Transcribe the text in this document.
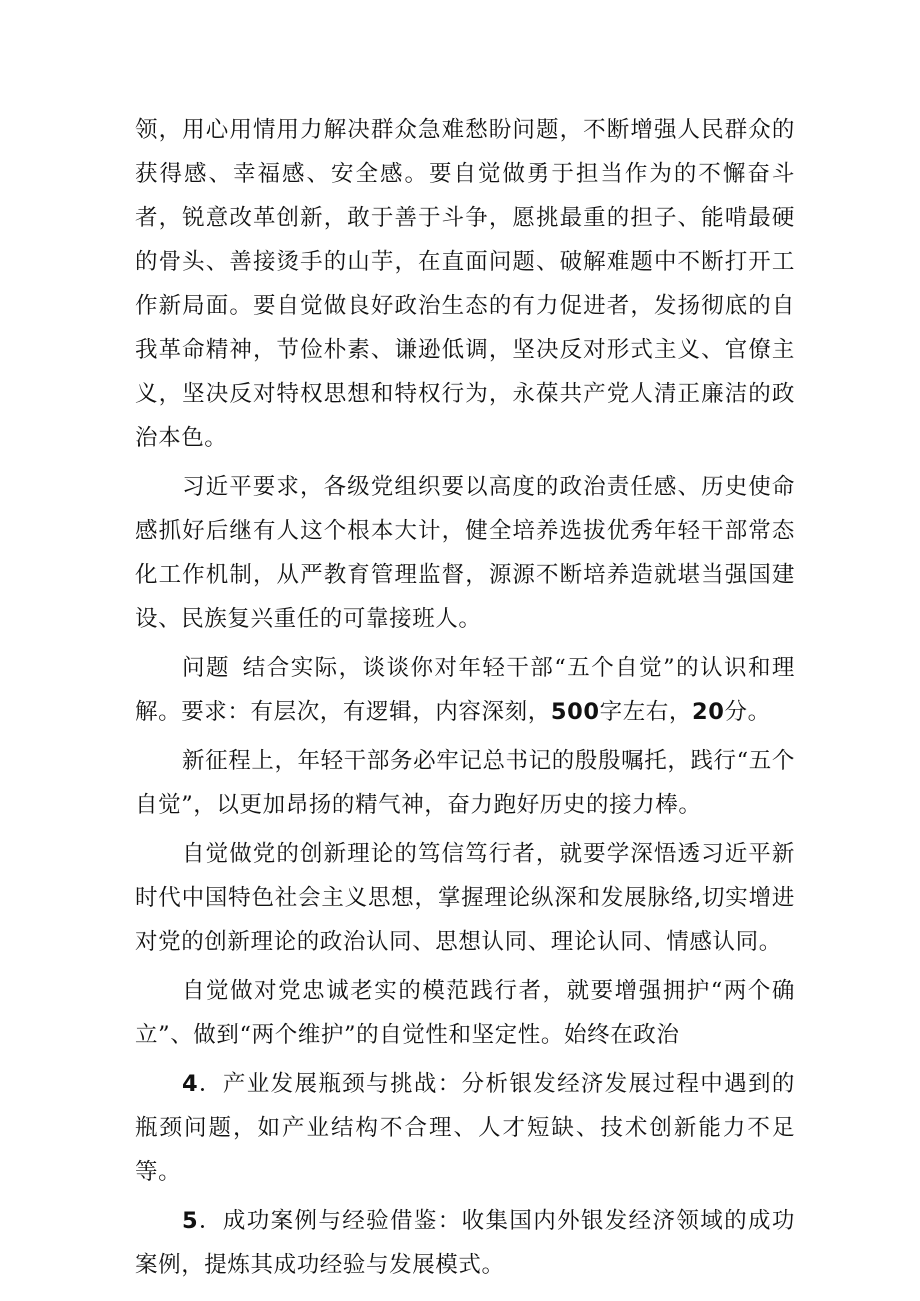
领，用心用情用力解决群众急难愁盼问题，不断增强人民群众的获得感、幸福感、安全感。要自觉做勇于担当作为的不懈奋斗者，锐意改革创新，敢于善于斗争，愿挑最重的担子、能啃最硬的骨头、善接烫手的山芋，在直面问题、破解难题中不断打开工作新局面。要自觉做良好政治生态的有力促进者，发扬彻底的自我革命精神，节俭朴素、谦逊低调，坚决反对形式主义、官僚主义，坚决反对特权思想和特权行为，永葆共产党人清正廉洁的政治本色。

习近平要求，各级党组织要以高度的政治责任感、历史使命感抓好后继有人这个根本大计，健全培养选拔优秀年轻干部常态化工作机制，从严教育管理监督，源源不断培养造就堪当强国建设、民族复兴重任的可靠接班人。

问题 结合实际，谈谈你对年轻干部“五个自觉”的认识和理解。要求：有层次，有逻辑，内容深刻，500字左右，20分。

新征程上，年轻干部务必牢记总书记的殷殷嘱托，践行“五个自觉”，以更加昂扬的精气神，奋力跑好历史的接力棒。

自觉做党的创新理论的笃信笃行者，就要学深悟透习近平新时代中国特色社会主义思想，掌握理论纵深和发展脉络,切实增进对党的创新理论的政治认同、思想认同、理论认同、情感认同。

自觉做对党忠诚老实的模范践行者，就要增强拥护“两个确立”、做到“两个维护”的自觉性和坚定性。始终在政治

4．产业发展瓶颈与挑战：分析银发经济发展过程中遇到的瓶颈问题，如产业结构不合理、人才短缺、技术创新能力不足等。

5．成功案例与经验借鉴：收集国内外银发经济领域的成功案例，提炼其成功经验与发展模式。
